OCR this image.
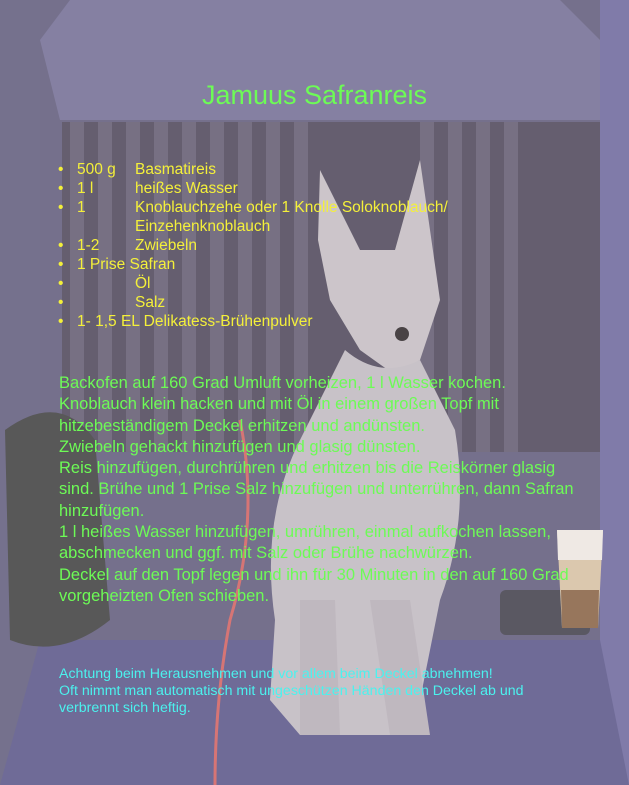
Jamuus Safranreis
• 500 g Basmatireis
• 1 l	heißes Wasser
• 1	Knoblauchzehe oder 1 Knolle Soloknoblauch/
Einzehenknoblauch
• 1-2 Zwiebeln
• 1 Prise Safran
• Öl
• Salz
• 1- 1,5 EL Delikatess-Brühenpulver

Backofen auf 160 Grad Umluft vorheizen, 1 l Wasser kochen.

Knoblauch klein hacken und mit Öl in einem großen Topf mit hitzebeständigem Deckel erhitzen und andünsten.

Zwiebeln gehackt hinzufügen und glasig dünsten.

Reis hinzufügen, durchrühren und erhitzen bis die Reiskörner glasig sind. Brühe und 1 Prise Salz hinzufügen und unterrühren, dann Safran hinzufügen.

1 l heißes Wasser hinzufügen, umrühren, einmal aufkochen lassen, abschmecken und ggf. mit Salz oder Brühe nachwürzen.

Deckel auf den Topf legen und ihn für 30 Minuten in den auf 160 Grad vorgeheizten Ofen schieben.

Achtung beim Herausnehmen und vor allem beim Deckel abnehmen!

Oft nimmt man automatisch mit ungeschützen Händen den Deckel ab und verbrennt sich heftig.
